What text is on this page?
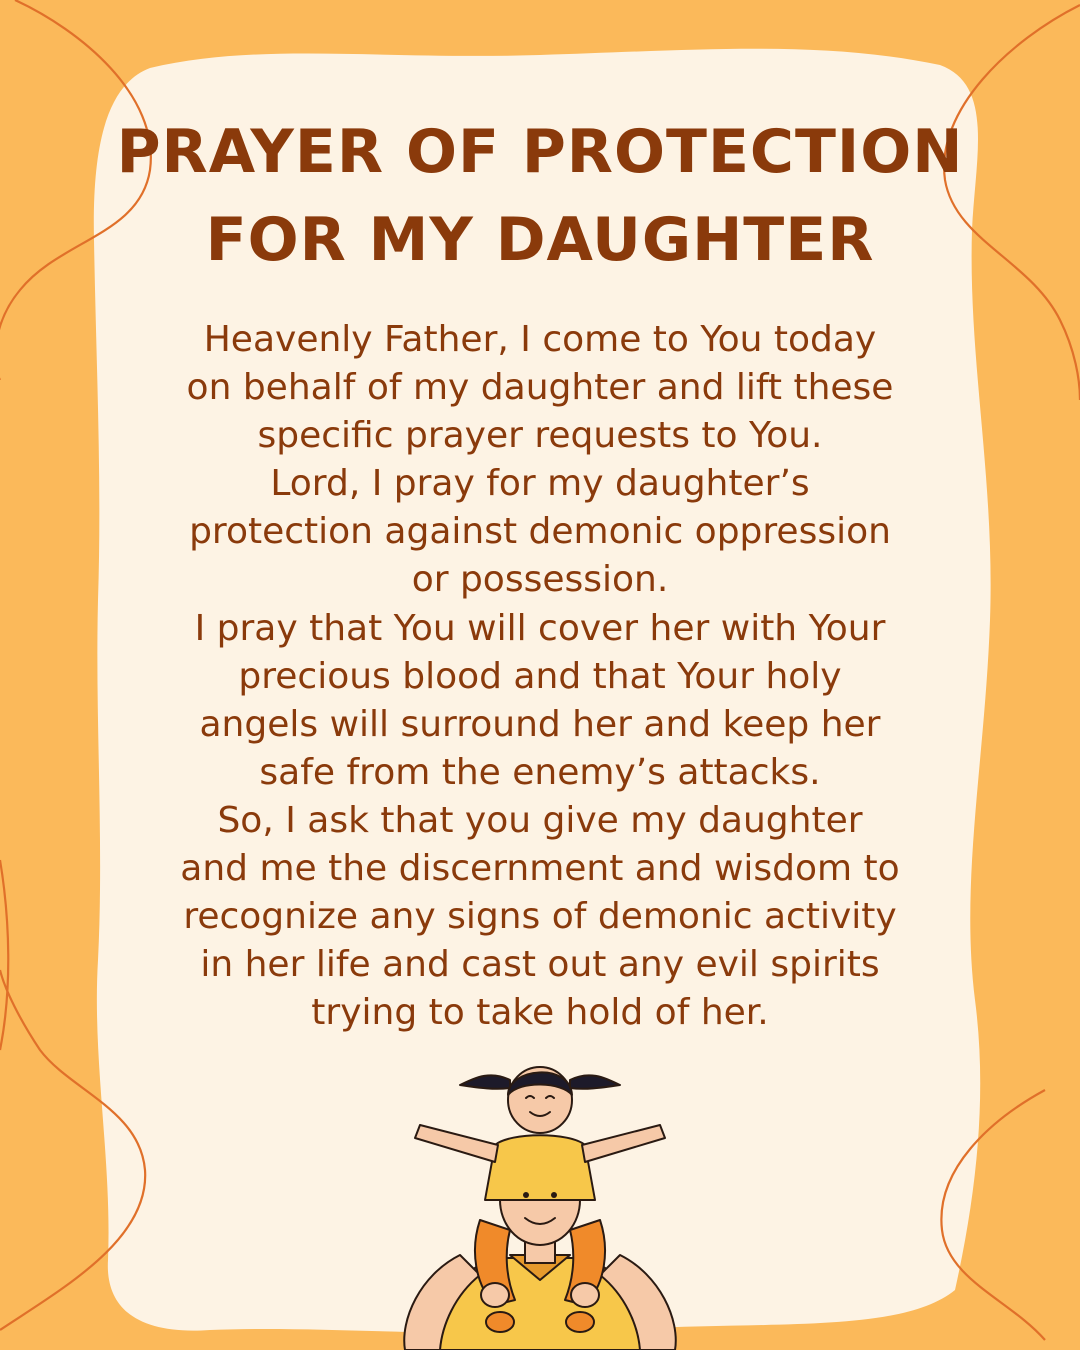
PRAYER OF PROTECTION
FOR MY DAUGHTER
Heavenly Father, I come to You today
on behalf of my daughter and lift these
specific prayer requests to You.
Lord, I pray for my daughter’s
protection against demonic oppression
or possession.
I pray that You will cover her with Your
precious blood and that Your holy
angels will surround her and keep her
safe from the enemy’s attacks.
So, I ask that you give my daughter
and me the discernment and wisdom to
recognize any signs of demonic activity
in her life and cast out any evil spirits
trying to take hold of her.
